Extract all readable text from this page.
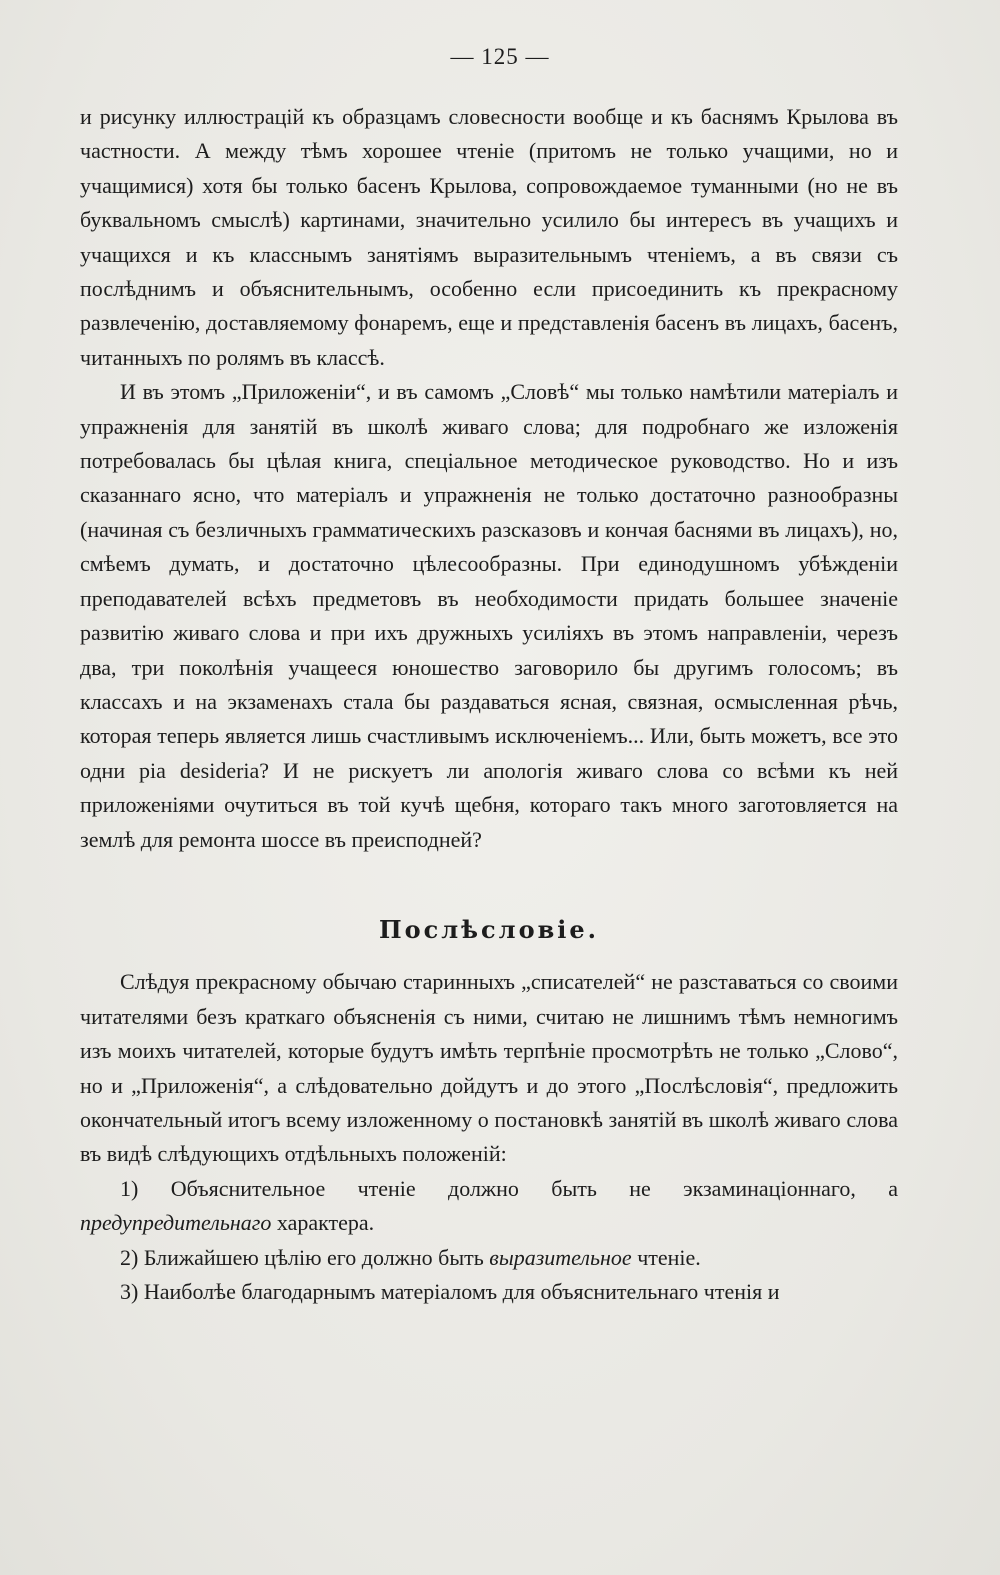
— 125 —

и рисунку иллюстрацій къ образцамъ словесности вообще и къ баснямъ Крылова въ частности. А между тѣмъ хорошее чтеніе (притомъ не только учащими, но и учащимися) хотя бы только басенъ Крылова, сопровождаемое туманными (но не въ буквальномъ смыслѣ) картинами, значительно усилило бы интересъ въ учащихъ и учащихся и къ класснымъ занятіямъ выразительнымъ чтеніемъ, а въ связи съ послѣднимъ и объяснительнымъ, особенно если присоединить къ прекрасному развлеченію, доставляемому фонаремъ, еще и представленія басенъ въ лицахъ, басенъ, читанныхъ по ролямъ въ классѣ.

И въ этомъ „Приложеніи“, и въ самомъ „Словѣ“ мы только намѣтили матеріалъ и упражненія для занятій въ школѣ живаго слова; для подробнаго же изложенія потребовалась бы цѣлая книга, спеціальное методическое руководство. Но и изъ сказаннаго ясно, что матеріалъ и упражненія не только достаточно разнообразны (начиная съ безличныхъ грамматическихъ разсказовъ и кончая баснями въ лицахъ), но, смѣемъ думать, и достаточно цѣлесообразны. При единодушномъ убѣжденіи преподавателей всѣхъ предметовъ въ необходимости придать большее значеніе развитію живаго слова и при ихъ дружныхъ усиліяхъ въ этомъ направленіи, черезъ два, три поколѣнія учащееся юношество заговорило бы другимъ голосомъ; въ классахъ и на экзаменахъ стала бы раздаваться ясная, связная, осмысленная рѣчь, которая теперь является лишь счастливымъ исключеніемъ... Или, быть можетъ, все это одни pia desideria? И не рискуетъ ли апологія живаго слова со всѣми къ ней приложеніями очутиться въ той кучѣ щебня, котораго такъ много заготовляется на землѣ для ремонта шоссе въ преисподней?

Послѣсловіе.

Слѣдуя прекрасному обычаю старинныхъ „списателей“ не разставаться со своими читателями безъ краткаго объясненія съ ними, считаю не лишнимъ тѣмъ немногимъ изъ моихъ читателей, которые будутъ имѣть терпѣніе просмотрѣть не только „Слово“, но и „Приложенія“, а слѣдовательно дойдутъ и до этого „Послѣсловія“, предложить окончательный итогъ всему изложенному о постановкѣ занятій въ школѣ живаго слова въ видѣ слѣдующихъ отдѣльныхъ положеній:

1) Объяснительное чтеніе должно быть не экзаминаціоннаго, а предупредительнаго характера.

2) Ближайшею цѣлію его должно быть выразительное чтеніе.

3) Наиболѣе благодарнымъ матеріаломъ для объяснительнаго чтенія и
